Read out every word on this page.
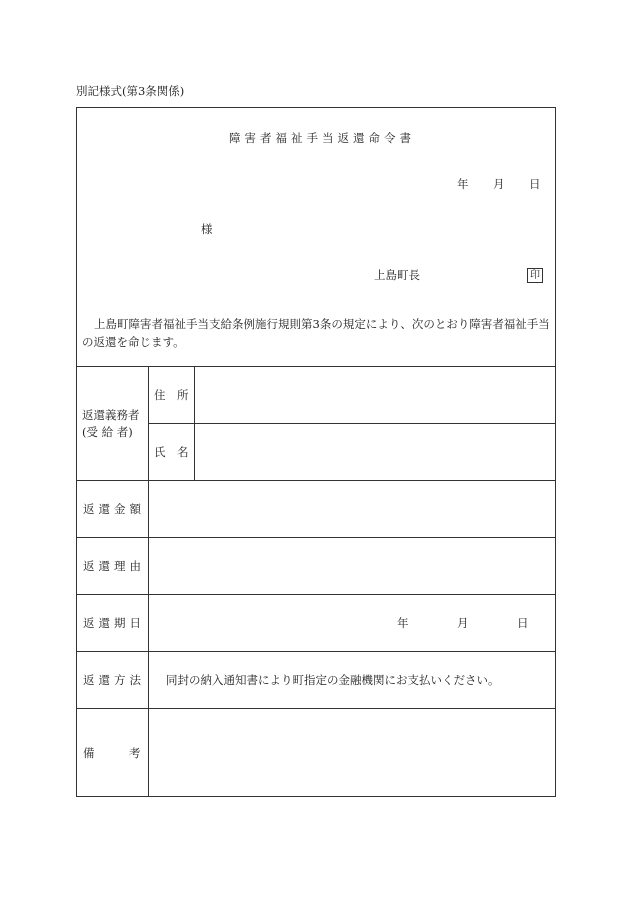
別記様式(第3条関係)
障害者福祉手当返還命令書
年 月 日
様
上島町長	印
上島町障害者福祉手当支給条例施行規則第3条の規定により、次のとおり障害者福祉手当の返還を命じます。
返還義務者
(受 給 者)
住　所
氏　名
返還金額
返還理由
返還期日	年	月	日
返還方法 同封の納入通知書により町指定の金融機関にお支払いください。
備　　　考
